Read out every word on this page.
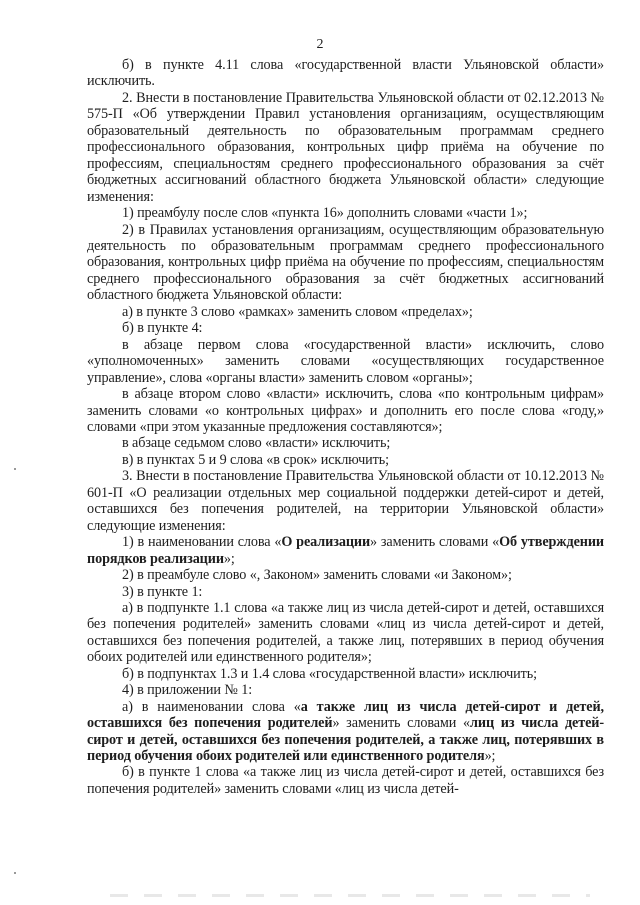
2

б) в пункте 4.11 слова «государственной власти Ульяновской области» исключить.

2. Внести в постановление Правительства Ульяновской области от 02.12.2013 № 575-П «Об утверждении Правил установления организациям, осуществляющим образовательный деятельность по образовательным программам среднего профессионального образования, контрольных цифр приёма на обучение по профессиям, специальностям среднего профессионального образования за счёт бюджетных ассигнований областного бюджета Ульяновской области» следующие изменения:

1) преамбулу после слов «пункта 16» дополнить словами «части 1»;

2) в Правилах установления организациям, осуществляющим образовательную деятельность по образовательным программам среднего профессионального образования, контрольных цифр приёма на обучение по профессиям, специальностям среднего профессионального образования за счёт бюджетных ассигнований областного бюджета Ульяновской области:

а) в пункте 3 слово «рамках» заменить словом «пределах»;

б) в пункте 4:

в абзаце первом слова «государственной власти» исключить, слово «уполномоченных» заменить словами «осуществляющих государственное управление», слова «органы власти» заменить словом «органы»;

в абзаце втором слово «власти» исключить, слова «по контрольным цифрам» заменить словами «о контрольных цифрах» и дополнить его после слова «году,» словами «при этом указанные предложения составляются»;

в абзаце седьмом слово «власти» исключить;

в) в пунктах 5 и 9 слова «в срок» исключить;

3. Внести в постановление Правительства Ульяновской области от 10.12.2013 № 601-П «О реализации отдельных мер социальной поддержки детей-сирот и детей, оставшихся без попечения родителей, на территории Ульяновской области» следующие изменения:

1) в наименовании слова «О реализации» заменить словами «Об утверждении порядков реализации»;

2) в преамбуле слово «, Законом» заменить словами «и Законом»;

3) в пункте 1:

а) в подпункте 1.1 слова «а также лиц из числа детей-сирот и детей, оставшихся без попечения родителей» заменить словами «лиц из числа детей-сирот и детей, оставшихся без попечения родителей, а также лиц, потерявших в период обучения обоих родителей или единственного родителя»;

б) в подпунктах 1.3 и 1.4 слова «государственной власти» исключить;

4) в приложении № 1:

а) в наименовании слова «а также лиц из числа детей-сирот и детей, оставшихся без попечения родителей» заменить словами «лиц из числа детей-сирот и детей, оставшихся без попечения родителей, а также лиц, потерявших в период обучения обоих родителей или единственного родителя»;

б) в пункте 1 слова «а также лиц из числа детей-сирот и детей, оставшихся без попечения родителей» заменить словами «лиц из числа детей-
